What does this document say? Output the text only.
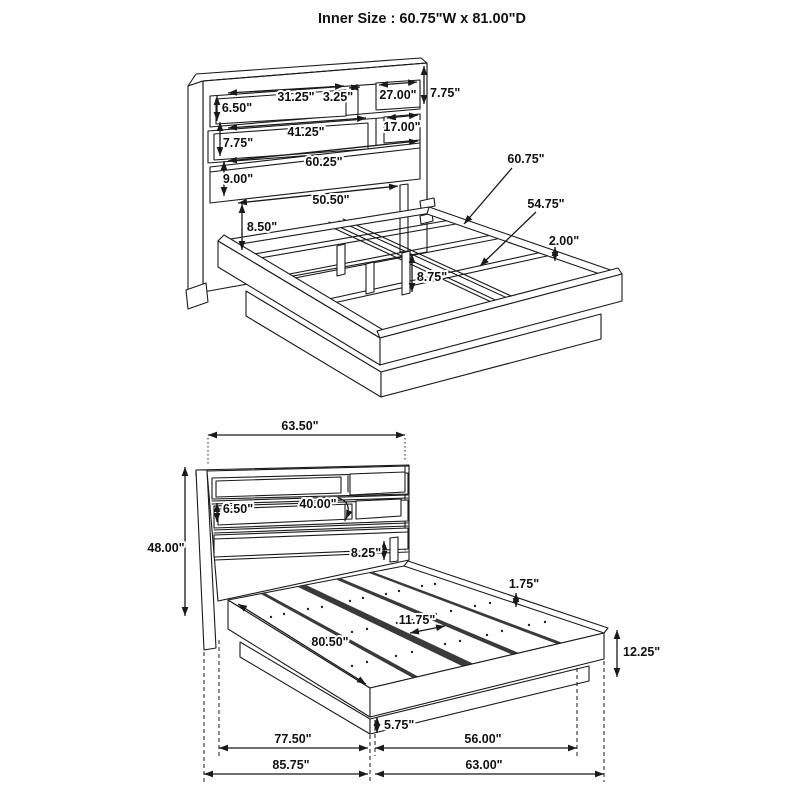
Inner Size : 60.75"W x 81.00"D
6.50"
31.25" 3.25" 27.00" 7.75"
7.75"
41.25"	17.00"
9.00"
60.25"
50.50"
8.50"
8.75"
2.00"
60.75"
54.75"
63.50"
48.00"
6.50"	40.00"
8.25"
1.75"
11.75"
80.50"
12.25"
5.75"
77.50"	56.00"
85.75"	63.00"
